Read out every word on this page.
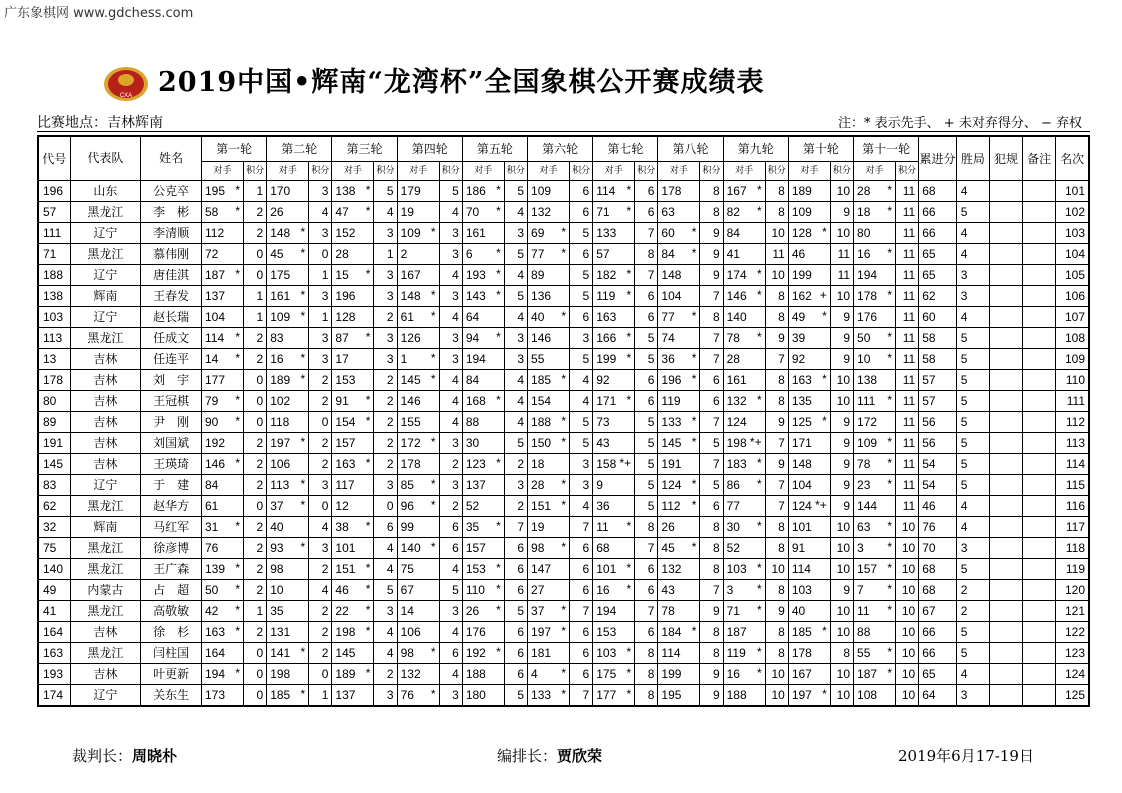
广东象棋网 www.gdchess.com
CXA 2019中国•辉南“龙湾杯”全国象棋公开赛成绩表
比赛地点：吉林辉南	注：* 表示先手、 + 未对弃得分、 − 弃权
代号	代表队	姓名	第一轮		第二轮		第三轮		第四轮		第五轮		第六轮		第七轮		第八轮		第九轮		第十轮		第十一轮		累进分	胜局	犯规	备注	名次
			对手	积分	对手	积分	对手	积分	对手	积分	对手	积分	对手	积分	对手	积分	对手	积分	对手	积分	对手	积分	对手	积分					
196	山东	公克卒	195 *	1	170	3	138 *	5	179	5	186 *	5	109	6	114 *	6	178	8	167 *	8	189	10	28 *	11	68	4			101
57	黑龙江	李　彬	58 *	2	26	4	47 *	4	19	4	70 *	4	132	6	71 *	6	63	8	82 *	8	109	9	18 *	11	66	5			102
111	辽宁	李清顺	112	2	148 *	3	152	3	109 *	3	161	3	69 *	5	133	7	60 *	9	84	10	128 *	10	80	11	66	4			103
71	黑龙江	慕伟刚	72	0	45 *	0	28	1	2	3	6 *	5	77 *	6	57	8	84 *	9	41	11	46	11	16 *	11	65	4			104
188	辽宁	唐佳淇	187 *	0	175	1	15 *	3	167	4	193 *	4	89	5	182 *	7	148	9	174 *	10	199	11	194	11	65	3			105
138	辉南	王春发	137	1	161 *	3	196	3	148 *	3	143 *	5	136	5	119 *	6	104	7	146 *	8	162 +	10	178 *	11	62	3			106
103	辽宁	赵长瑞	104	1	109 *	1	128	2	61 *	4	64	4	40 *	6	163	6	77 *	8	140	8	49 *	9	176	11	60	4			107
113	黑龙江	任成文	114 *	2	83	3	87 *	3	126	3	94 *	3	146	3	166 *	5	74	7	78 *	9	39	9	50 *	11	58	5			108
13	吉林	任连平	14 *	2	16 *	3	17	3	1 *	3	194	3	55	5	199 *	5	36 *	7	28	7	92	9	10 *	11	58	5			109
178	吉林	刘　宇	177	0	189 *	2	153	2	145 *	4	84	4	185 *	4	92	6	196 *	6	161	8	163 *	10	138	11	57	5			110
80	吉林	王冠棋	79 *	0	102	2	91 *	2	146	4	168 *	4	154	4	171 *	6	119	6	132 *	8	135	10	111 *	11	57	5			111
89	吉林	尹　刚	90 *	0	118	0	154 *	2	155	4	88	4	188 *	5	73	5	133 *	7	124	9	125 *	9	172	11	56	5			112
191	吉林	刘国斌	192	2	197 *	2	157	2	172 *	3	30	5	150 *	5	43	5	145 *	5	198 *+	7	171	9	109 *	11	56	5			113
145	吉林	王瑛琦	146 *	2	106	2	163 *	2	178	2	123 *	2	18	3	158 *+	5	191	7	183 *	9	148	9	78 *	11	54	5			114
83	辽宁	于　建	84	2	113 *	3	117	3	85 *	3	137	3	28 *	3	9	5	124 *	5	86 *	7	104	9	23 *	11	54	5			115
62	黑龙江	赵华方	61	0	37 *	0	12	0	96 *	2	52	2	151 *	4	36	5	112 *	6	77	7	124 *+	9	144	11	46	4			116
32	辉南	马红军	31 *	2	40	4	38 *	6	99	6	35 *	7	19	7	11 *	8	26	8	30 *	8	101	10	63 *	10	76	4			117
75	黑龙江	徐彦博	76	2	93 *	3	101	4	140 *	6	157	6	98 *	6	68	7	45 *	8	52	8	91	10	3 *	10	70	3			118
140	黑龙江	王广森	139 *	2	98	2	151 *	4	75	4	153 *	6	147	6	101 *	6	132	8	103 *	10	114	10	157 *	10	68	5			119
49	内蒙古	占　超	50 *	2	10	4	46 *	5	67	5	110 *	6	27	6	16 *	6	43	7	3 *	8	103	9	7 *	10	68	2			120
41	黑龙江	高敬敏	42 *	1	35	2	22 *	3	14	3	26 *	5	37 *	7	194	7	78	9	71 *	9	40	10	11 *	10	67	2			121
164	吉林	徐　杉	163 *	2	131	2	198 *	4	106	4	176	6	197 *	6	153	6	184 *	8	187	8	185 *	10	88	10	66	5			122
163	黑龙江	闫柱国	164	0	141 *	2	145	4	98 *	6	192 *	6	181	6	103 *	8	114	8	119 *	8	178	8	55 *	10	66	5			123
193	吉林	叶更新	194 *	0	198	0	189 *	2	132	4	188	6	4 *	6	175 *	8	199	9	16 *	10	167	10	187 *	10	65	4			124
174	辽宁	关东生	173	0	185 *	1	137	3	76 *	3	180	5	133 *	7	177 *	8	195	9	188	10	197 *	10	108	10	64	3			125
裁判长：周晓朴	编排长：贾欣荣	2019年6月17-19日
